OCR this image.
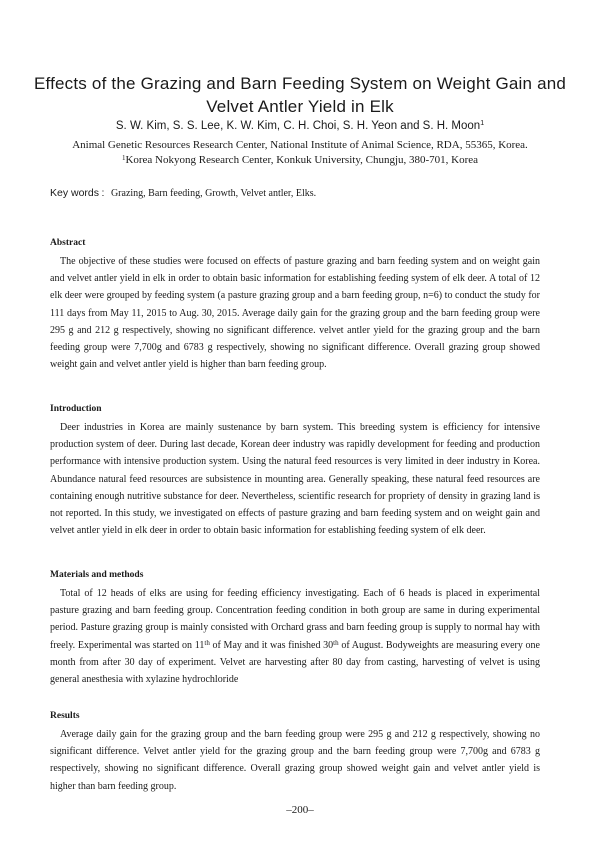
Effects of the Grazing and Barn Feeding System on Weight Gain and
Velvet Antler Yield in Elk
S. W. Kim, S. S. Lee, K. W. Kim, C. H. Choi, S. H. Yeon and S. H. Moon$^1$
Animal Genetic Resources Research Center, National Institute of Animal Science, RDA, 55365, Korea.
$^1$Korea Nokyong Research Center, Konkuk University, Chungju, 380-701, Korea
Key words : Grazing, Barn feeding, Growth, Velvet antler, Elks.
Abstract

The objective of these studies were focused on effects of pasture grazing and barn feeding system and on weight gain and velvet antler yield in elk in order to obtain basic information for establishing feeding system of elk deer. A total of 12 elk deer were grouped by feeding system (a pasture grazing group and a barn feeding group, n=6) to conduct the study for 111 days from May 11, 2015 to Aug. 30, 2015. Average daily gain for the grazing group and the barn feeding group were 295 g and 212 g respectively, showing no significant difference. velvet antler yield for the grazing group and the barn feeding group were 7,700g and 6783 g respectively, showing no significant difference. Overall grazing group showed weight gain and velvet antler yield is higher than barn feeding group.

Introduction

Deer industries in Korea are mainly sustenance by barn system. This breeding system is efficiency for intensive production system of deer. During last decade, Korean deer industry was rapidly development for feeding and production performance with intensive production system. Using the natural feed resources is very limited in deer industry in Korea. Abundance natural feed resources are subsistence in mounting area. Generally speaking, these natural feed resources are containing enough nutritive substance for deer. Nevertheless, scientific research for propriety of density in grazing land is not reported. In this study, we investigated on effects of pasture grazing and barn feeding system and on weight gain and velvet antler yield in elk deer in order to obtain basic information for establishing feeding system of elk deer.

Materials and methods

Total of 12 heads of elks are using for feeding efficiency investigating. Each of 6 heads is placed in experimental pasture grazing and barn feeding group. Concentration feeding condition in both group are same in during experimental period. Pasture grazing group is mainly consisted with Orchard grass and barn feeding group is supply to normal hay with freely. Experimental was started on 11th of May and it was finished 30th of August. Bodyweights are measuring every one month from after 30 day of experiment. Velvet are harvesting after 80 day from casting, harvesting of velvet is using general anesthesia with xylazine hydrochloride

Results

Average daily gain for the grazing group and the barn feeding group were 295 g and 212 g respectively, showing no significant difference. Velvet antler yield for the grazing group and the barn feeding group were 7,700g and 6783 g respectively, showing no significant difference. Overall grazing group showed weight gain and velvet antler yield is higher than barn feeding group.

–200–
